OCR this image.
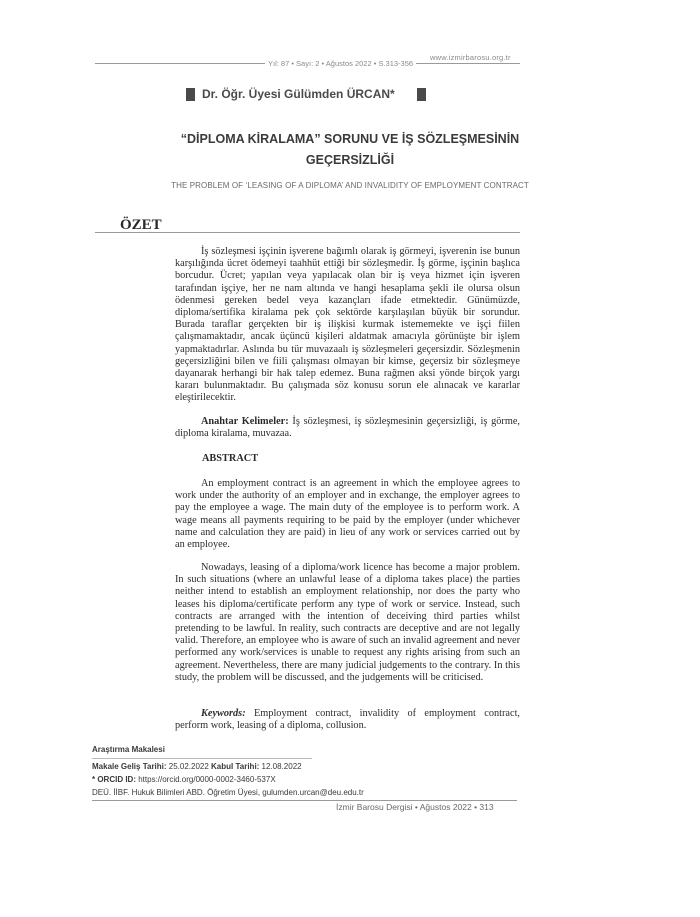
www.izmirbarosu.org.tr
Yıl: 87 • Sayı: 2 • Ağustos 2022 • S.313-356
Dr. Öğr. Üyesi Gülümden ÜRCAN*
“DİPLOMA KİRALAMA” SORUNU VE İŞ SÖZLEŞMESİNİN
GEÇERSİZLİĞİ
THE PROBLEM OF ‘LEASING OF A DIPLOMA’ AND INVALIDITY OF EMPLOYMENT CONTRACT
ÖZET
İş sözleşmesi işçinin işverene bağımlı olarak iş görmeyi, işverenin ise bunun karşılığında ücret ödemeyi taahhüt ettiği bir sözleşmedir. İş görme, işçinin başlıca borcudur. Ücret; yapılan veya yapılacak olan bir iş veya hizmet için işveren tarafından işçiye, her ne nam altında ve hangi hesaplama şekli ile olursa olsun ödenmesi gereken bedel veya kazançları ifade etmektedir. Günümüzde, diploma/sertifika kiralama pek çok sektörde karşılaşılan büyük bir sorundur. Burada taraflar gerçekten bir iş ilişkisi kurmak istememekte ve işçi fiilen çalışmamaktadır, ancak üçüncü kişileri aldatmak amacıyla görünüşte bir işlem yapmaktadırlar. Aslında bu tür muvazaalı iş sözleşmeleri geçersizdir. Sözleşmenin geçersizliğini bilen ve fiili çalışması olmayan bir kimse, geçersiz bir sözleşmeye dayanarak herhangi bir hak talep edemez. Buna rağmen aksi yönde birçok yargı kararı bulunmaktadır. Bu çalışmada söz konusu sorun ele alınacak ve kararlar eleştirilecektir.
Anahtar Kelimeler: İş sözleşmesi, iş sözleşmesinin geçersizliği, iş görme, diploma kiralama, muvazaa.
ABSTRACT
An employment contract is an agreement in which the employee agrees to work under the authority of an employer and in exchange, the employer agrees to pay the employee a wage. The main duty of the employee is to perform work. A wage means all payments requiring to be paid by the employer (under whichever name and calculation they are paid) in lieu of any work or services carried out by an employee.
Nowadays, leasing of a diploma/work licence has become a major problem. In such situations (where an unlawful lease of a diploma takes place) the parties neither intend to establish an employment relationship, nor does the party who leases his diploma/certificate perform any type of work or service. Instead, such contracts are arranged with the intention of deceiving third parties whilst pretending to be lawful. In reality, such contracts are deceptive and are not legally valid. Therefore, an employee who is aware of such an invalid agreement and never performed any work/services is unable to request any rights arising from such an agreement. Nevertheless, there are many judicial judgements to the contrary. In this study, the problem will be discussed, and the judgements will be criticised.
Keywords: Employment contract, invalidity of employment contract, perform work, leasing of a diploma, collusion.
Araştırma Makalesi
Makale Geliş Tarihi: 25.02.2022 Kabul Tarihi: 12.08.2022
* ORCID ID: https://orcid.org/0000-0002-3460-537X
DEÜ. İİBF. Hukuk Bilimleri ABD. Öğretim Üyesi, gulumden.urcan@deu.edu.tr
İzmir Barosu Dergisi • Ağustos 2022 • 313
